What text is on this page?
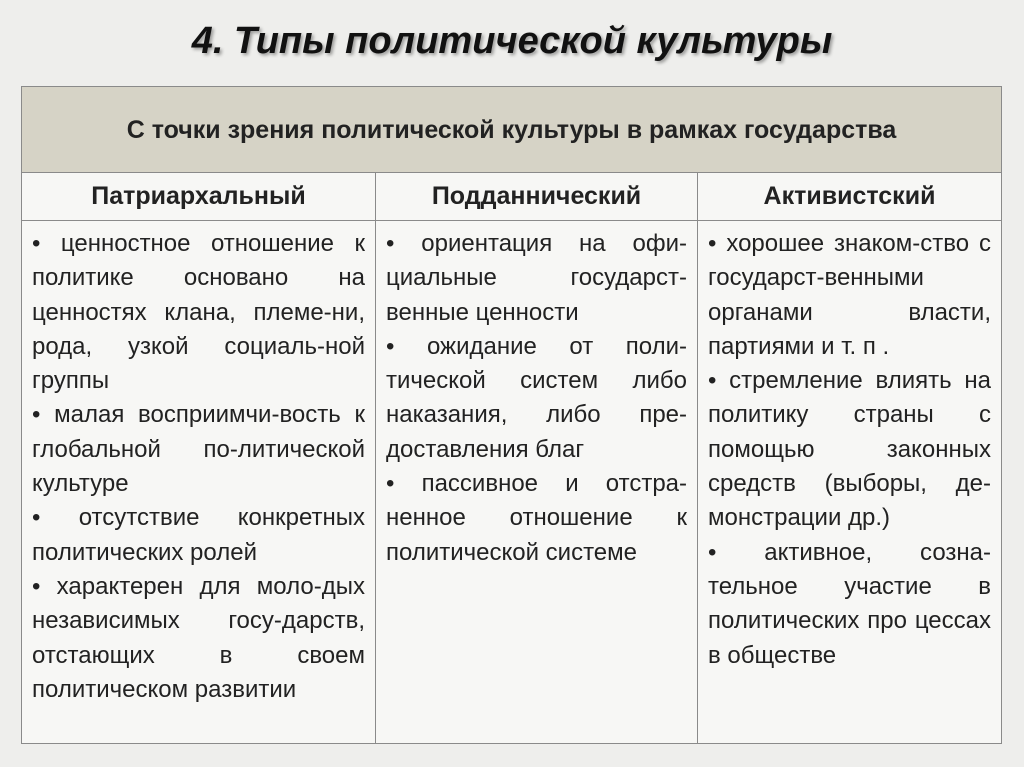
4. Типы политической культуры
С точки зрения политической культуры в рамках государства
Патриархальный	Подданнический	Активистский
• ценностное отношение к политике основано на ценностях клана, племе-ни, рода, узкой социаль-ной группы
• малая восприимчи-вость к глобальной по-литической культуре
• отсутствие конкретных политических ролей
• характерен для моло-дых независимых госу-дарств, отстающих в своем политическом развитии
• ориентация на офи-циальные государст-венные ценности
• ожидание от поли-тической систем либо наказания, либо пре-доставления благ
• пассивное и отстра-ненное отношение к политической системе
• хорошее знаком-ство с государст-венными органами власти, партиями и т. п .
• стремление влиять на политику страны с помощью законных средств (выборы, де-монстрации др.)
• активное, созна-тельное участие в политических про цессах в обществе
